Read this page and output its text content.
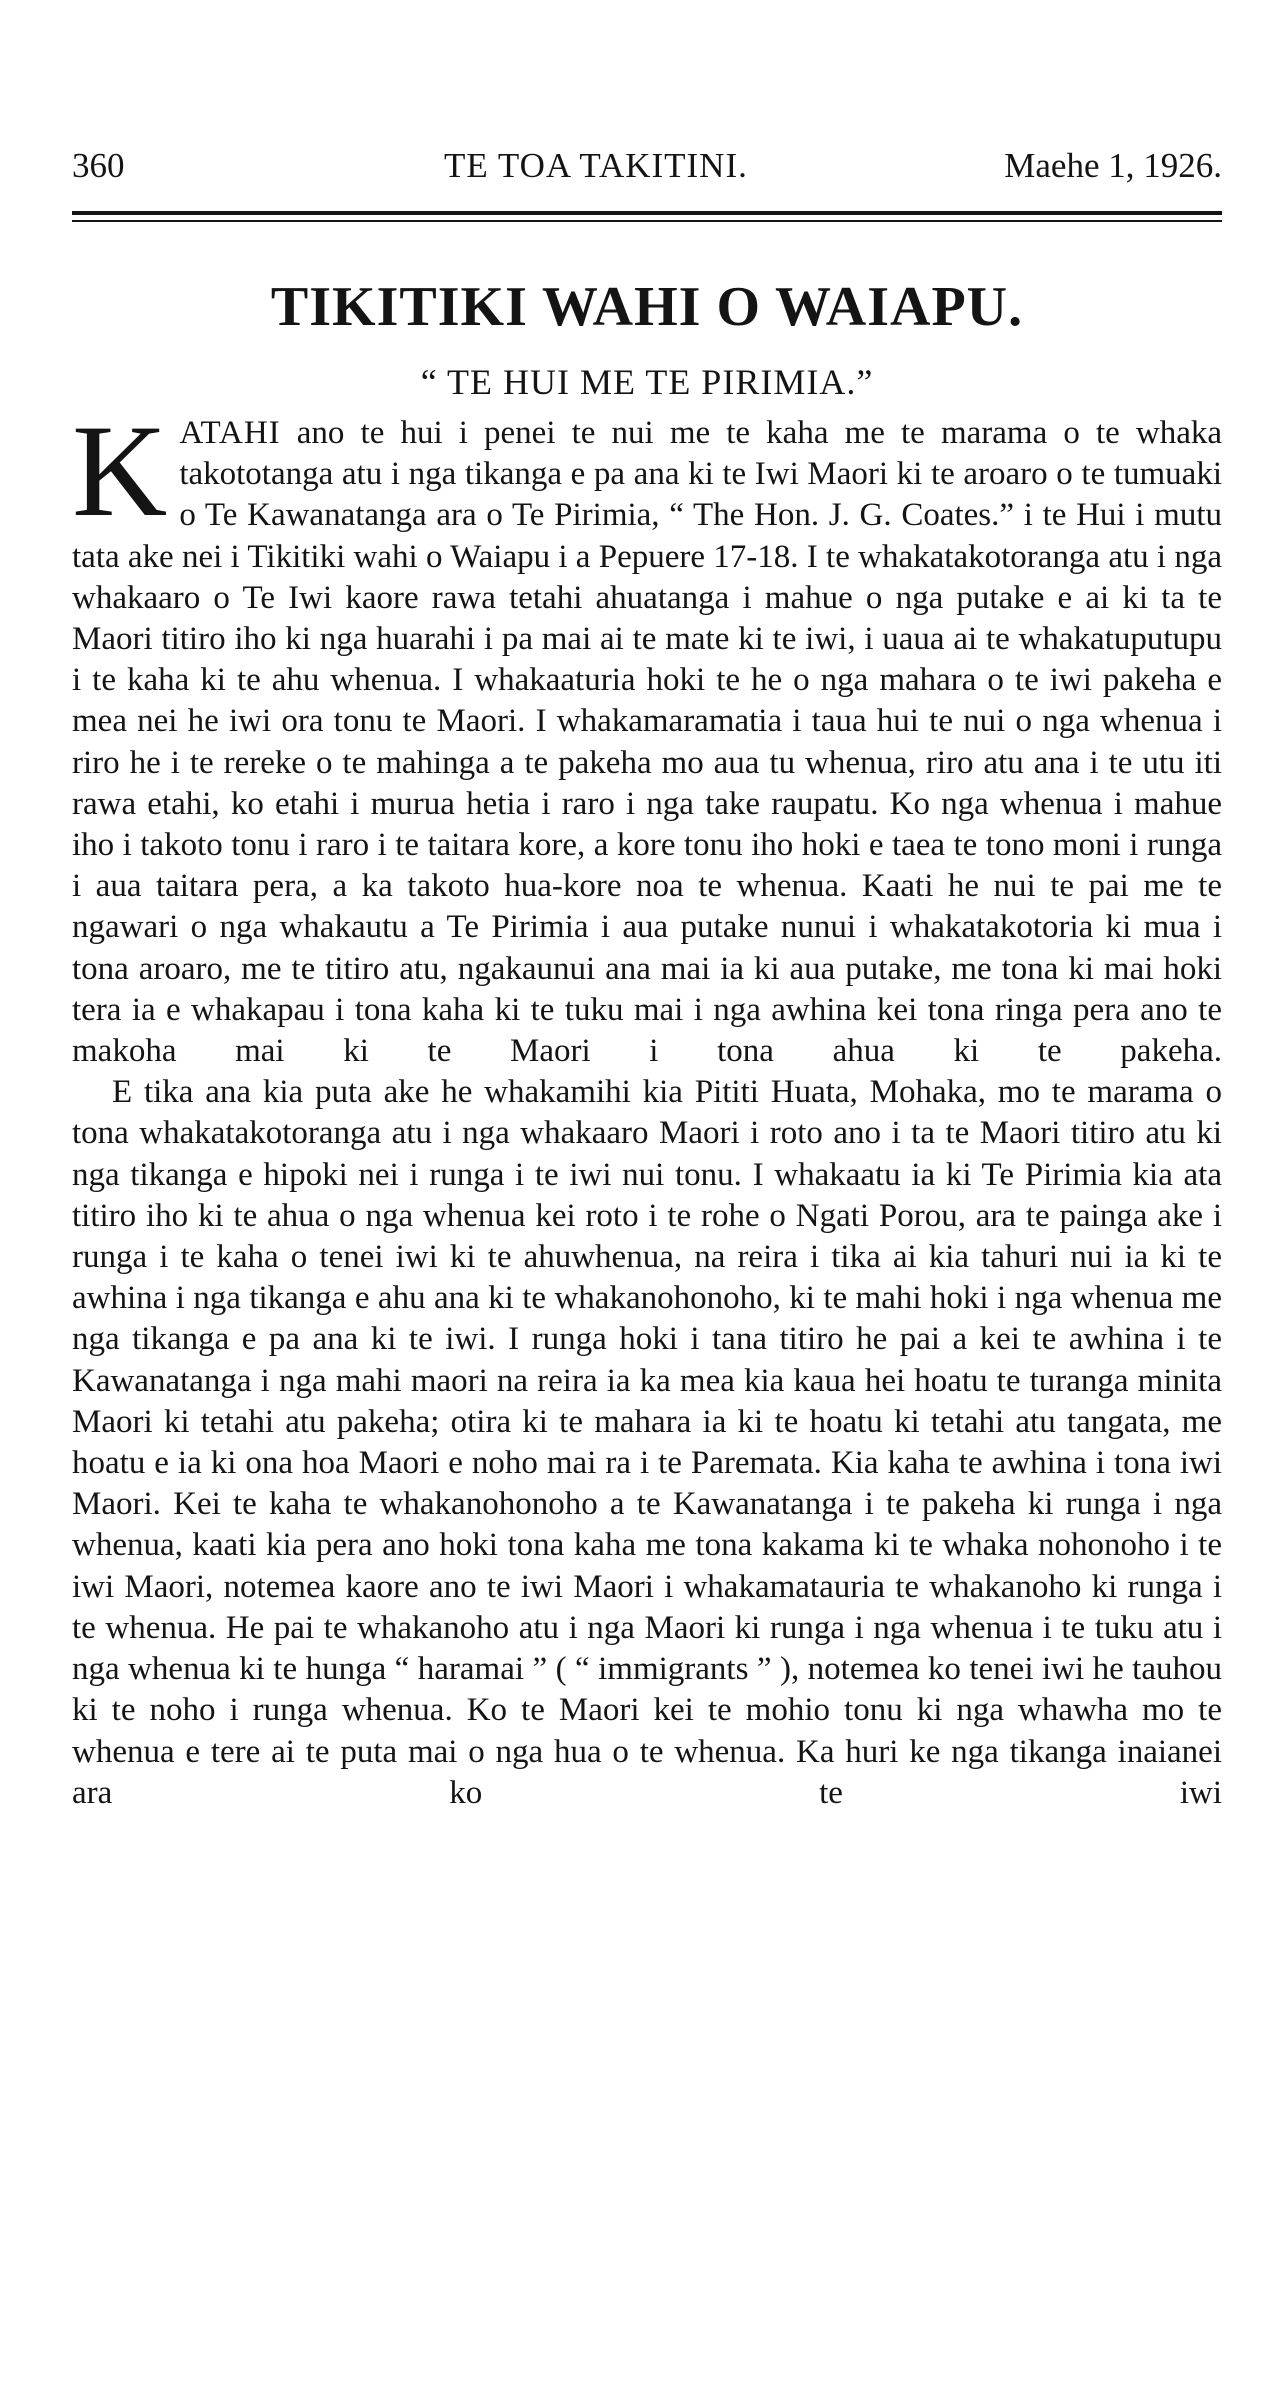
360	TE TOA TAKITINI.	Maehe 1, 1926.
TIKITIKI WAHI O WAIAPU.
“ TE HUI ME TE PIRIMIA.”

KATAHI ano te hui i penei te nui me te kaha me te marama o te whaka takototanga atu i nga tikanga e pa ana ki te Iwi Maori ki te aroaro o te tumuaki o Te Kawanatanga ara o Te Pirimia, “ The Hon. J. G. Coates.” i te Hui i mutu tata ake nei i Tikitiki wahi o Waiapu i a Pepuere 17-18. I te whakatakotoranga atu i nga whakaaro o Te Iwi kaore rawa tetahi ahuatanga i mahue o nga putake e ai ki ta te Maori titiro iho ki nga huarahi i pa mai ai te mate ki te iwi, i uaua ai te whakatuputupu i te kaha ki te ahu whenua. I whakaaturia hoki te he o nga mahara o te iwi pakeha e mea nei he iwi ora tonu te Maori. I whakamaramatia i taua hui te nui o nga whenua i riro he i te rereke o te mahinga a te pakeha mo aua tu whenua, riro atu ana i te utu iti rawa etahi, ko etahi i murua hetia i raro i nga take raupatu. Ko nga whenua i mahue iho i takoto tonu i raro i te taitara kore, a kore tonu iho hoki e taea te tono moni i runga i aua taitara pera, a ka takoto hua-kore noa te whenua. Kaati he nui te pai me te ngawari o nga whakautu a Te Pirimia i aua putake nunui i whakatakotoria ki mua i tona aroaro, me te titiro atu, ngakaunui ana mai ia ki aua putake, me tona ki mai hoki tera ia e whakapau i tona kaha ki te tuku mai i nga awhina kei tona ringa pera ano te makoha mai ki te Maori i tona ahua ki te pakeha.

E tika ana kia puta ake he whakamihi kia Pititi Huata, Mohaka, mo te marama o tona whakatakotoranga atu i nga whakaaro Maori i roto ano i ta te Maori titiro atu ki nga tikanga e hipoki nei i runga i te iwi nui tonu. I whakaatu ia ki Te Pirimia kia ata titiro iho ki te ahua o nga whenua kei roto i te rohe o Ngati Porou, ara te painga ake i runga i te kaha o tenei iwi ki te ahuwhenua, na reira i tika ai kia tahuri nui ia ki te awhina i nga tikanga e ahu ana ki te whakanohonoho, ki te mahi hoki i nga whenua me nga tikanga e pa ana ki te iwi. I runga hoki i tana titiro he pai a kei te awhina i te Kawanatanga i nga mahi maori na reira ia ka mea kia kaua hei hoatu te turanga minita Maori ki tetahi atu pakeha; otira ki te mahara ia ki te hoatu ki tetahi atu tangata, me hoatu e ia ki ona hoa Maori e noho mai ra i te Paremata. Kia kaha te awhina i tona iwi Maori. Kei te kaha te whakanohonoho a te Kawanatanga i te pakeha ki runga i nga whenua, kaati kia pera ano hoki tona kaha me tona kakama ki te whaka nohonoho i te iwi Maori, notemea kaore ano te iwi Maori i whakamatauria te whakanoho ki runga i te whenua. He pai te whakanoho atu i nga Maori ki runga i nga whenua i te tuku atu i nga whenua ki te hunga “ haramai ” ( “ immigrants ” ), notemea ko tenei iwi he tauhou ki te noho i runga whenua. Ko te Maori kei te mohio tonu ki nga whawha mo te whenua e tere ai te puta mai o nga hua o te whenua. Ka huri ke nga tikanga inaianei ara ko te iwi
